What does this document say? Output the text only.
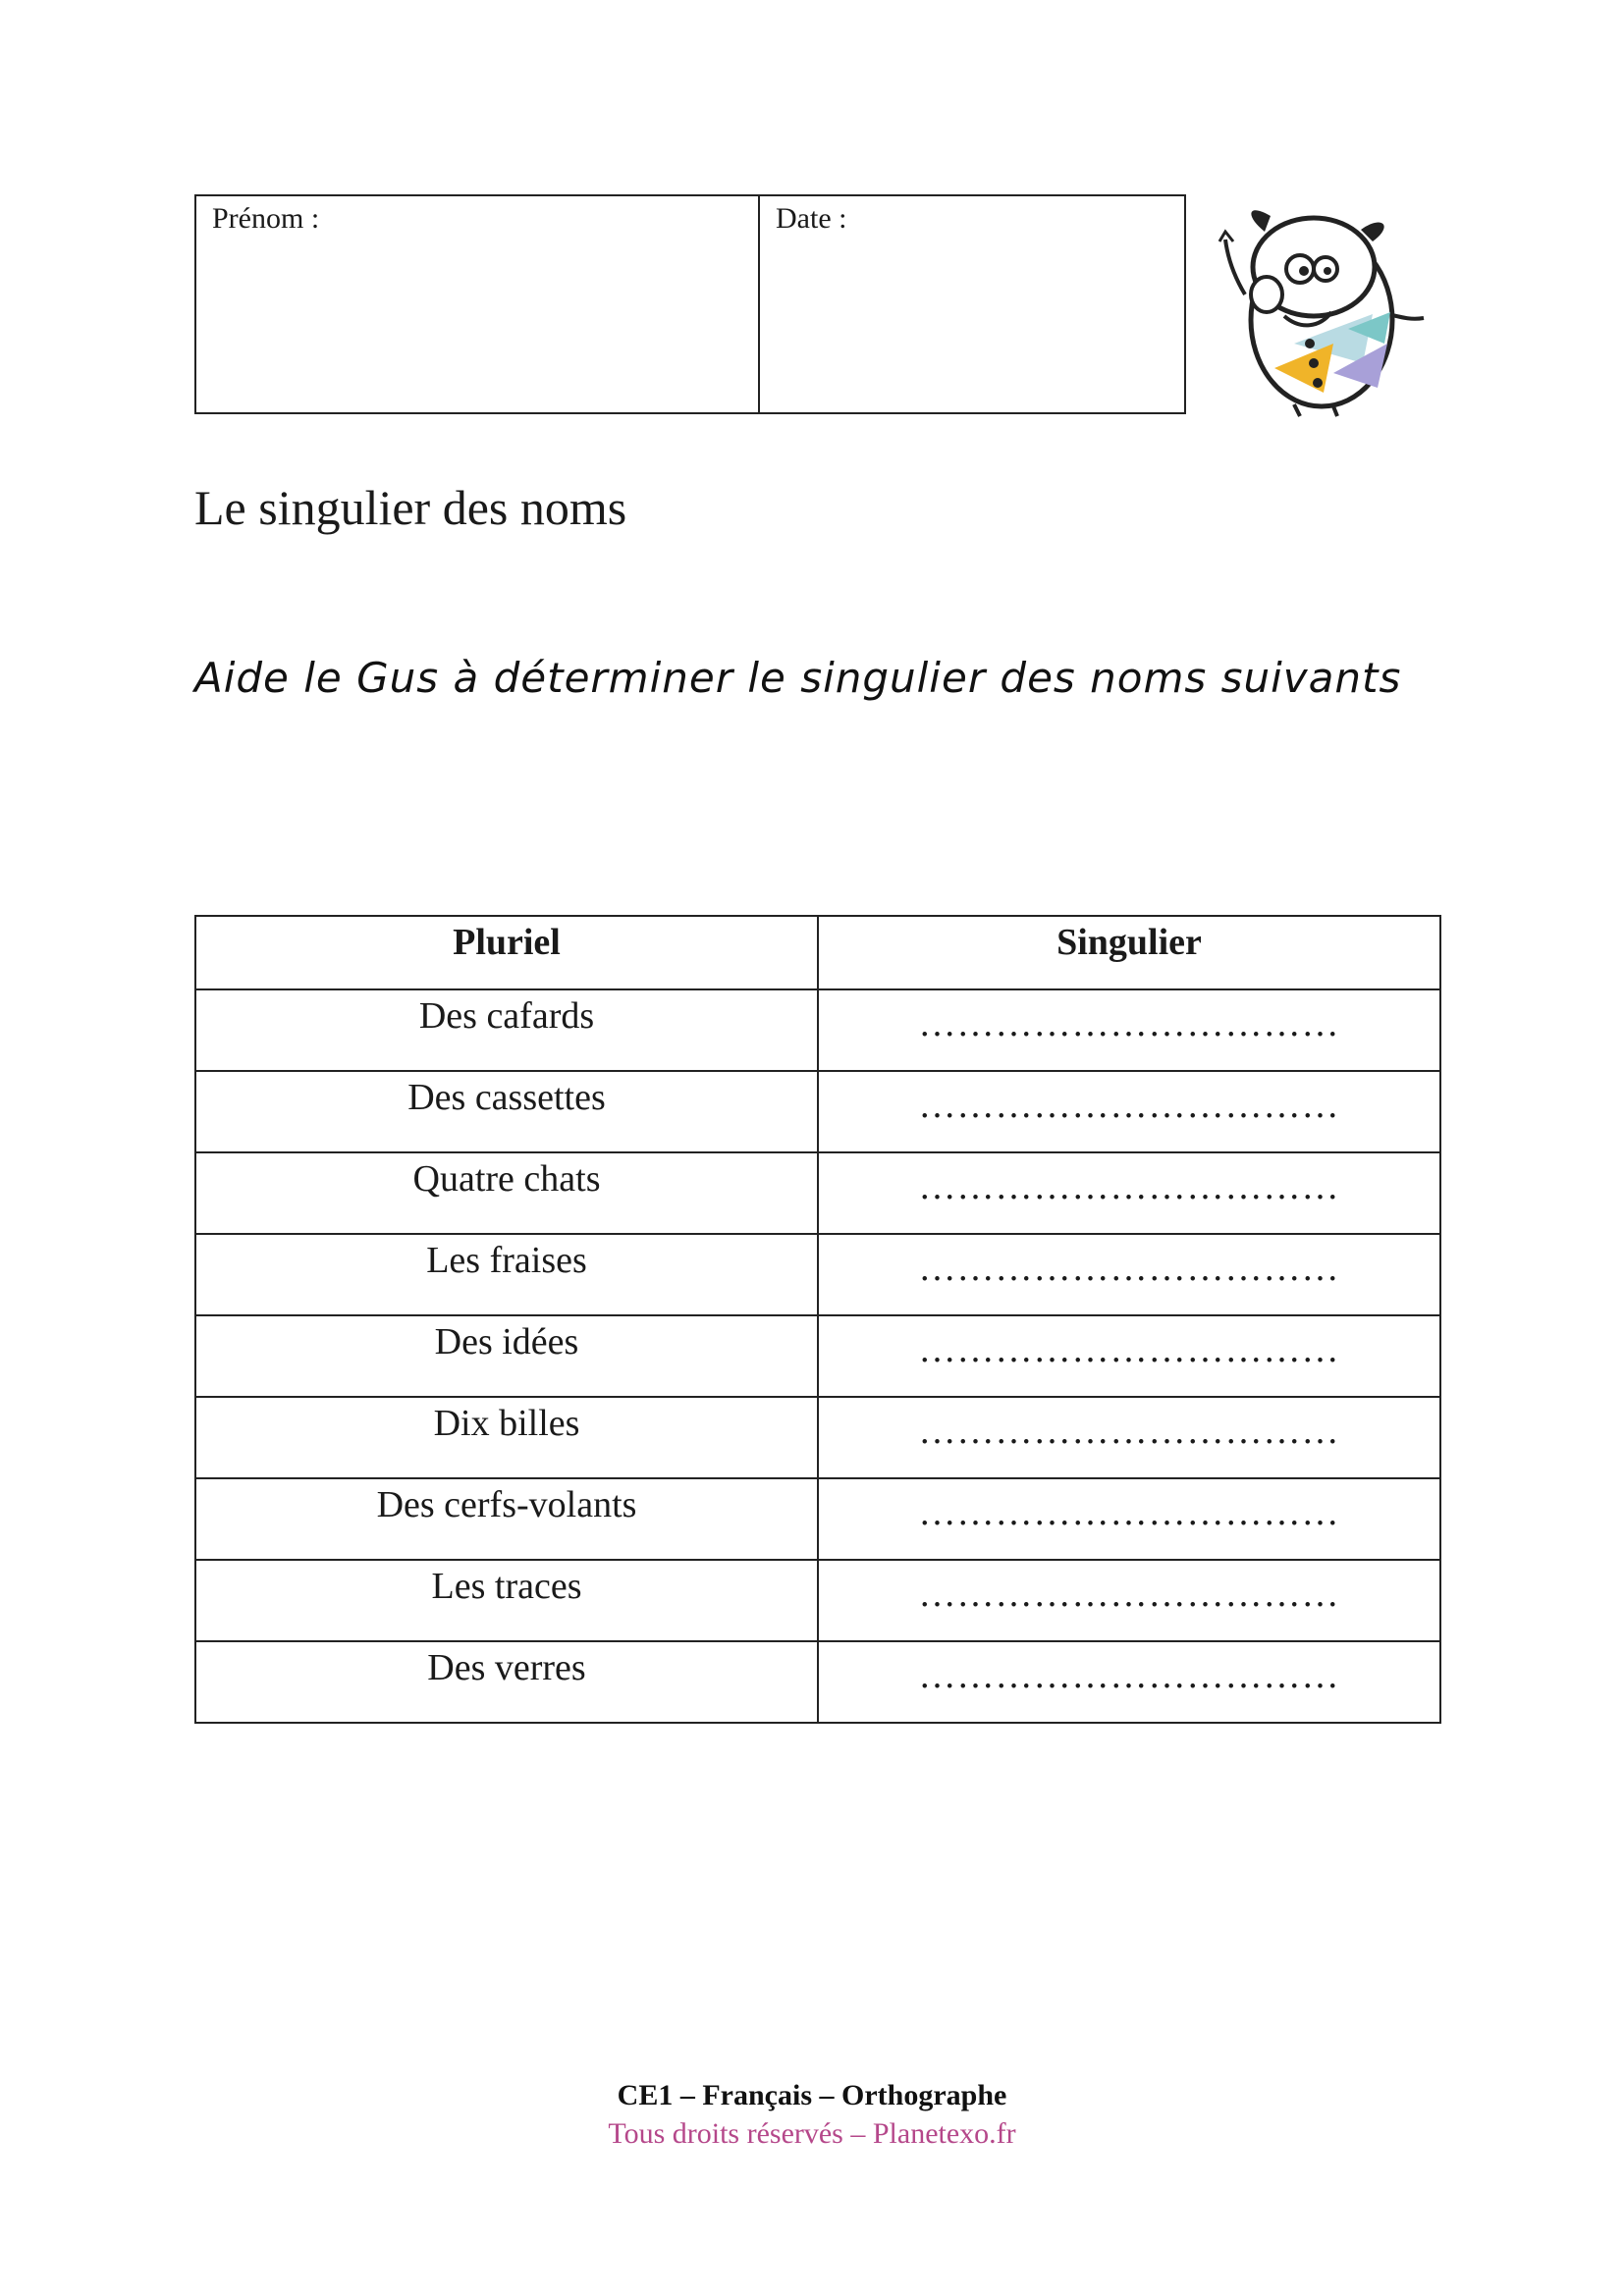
Prénom :	Date :
Le singulier des noms

Aide le Gus à déterminer le singulier des noms suivants

Pluriel	Singulier
Des cafards	……………………………
Des cassettes	……………………………
Quatre chats	……………………………
Les fraises	……………………………
Des idées	……………………………
Dix billes	……………………………
Des cerfs-volants	……………………………
Les traces	……………………………
Des verres	……………………………
CE1 – Français – Orthographe
Tous droits réservés – Planetexo.fr
